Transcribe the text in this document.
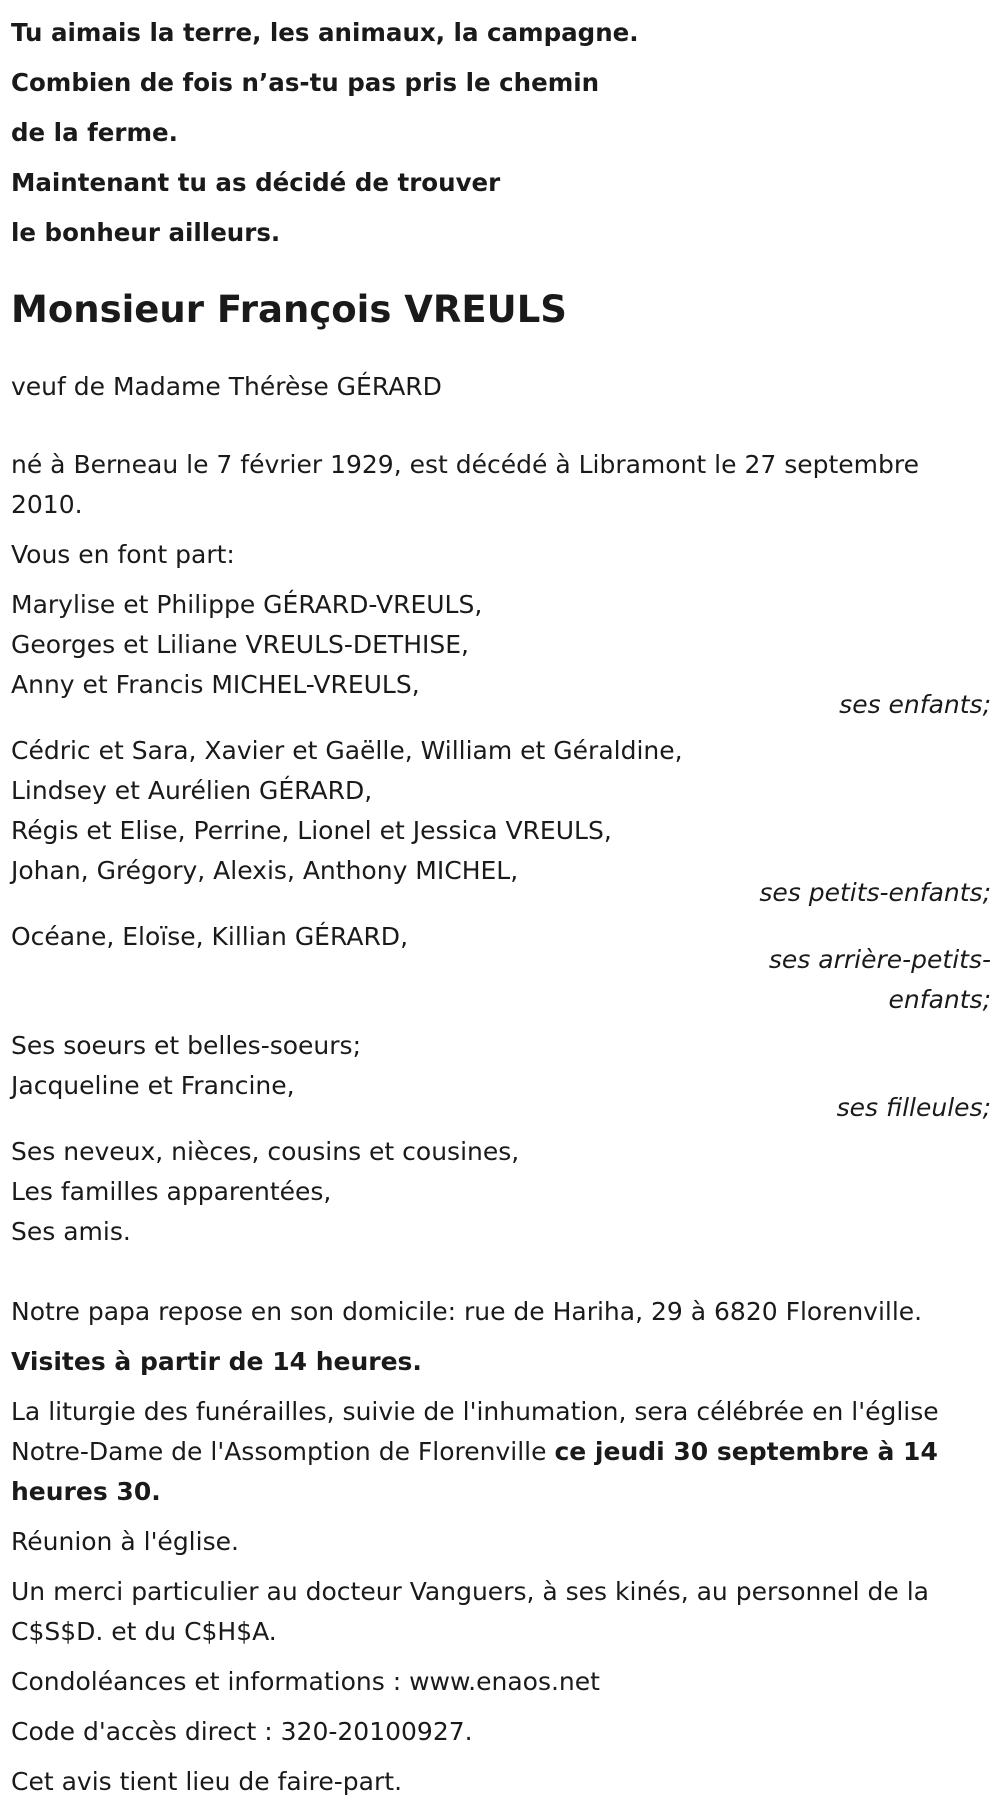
Tu aimais la terre, les animaux, la campagne.

Combien de fois n’as-tu pas pris le chemin

de la ferme.

Maintenant tu as décidé de trouver

le bonheur ailleurs.

Monsieur François VREULS

veuf de Madame Thérèse GÉRARD

né à Berneau le 7 février 1929, est décédé à Libramont le 27 septembre 2010.

Vous en font part:

Marylise et Philippe GÉRARD-VREULS,

Georges et Liliane VREULS-DETHISE,

Anny et Francis MICHEL-VREULS,

ses enfants;

Cédric et Sara, Xavier et Gaëlle, William et Géraldine,

Lindsey et Aurélien GÉRARD,

Régis et Elise, Perrine, Lionel et Jessica VREULS,

Johan, Grégory, Alexis, Anthony MICHEL,

ses petits-enfants;

Océane, Eloïse, Killian GÉRARD,

ses arrière-petits-

enfants;

Ses soeurs et belles-soeurs;

Jacqueline et Francine,

ses filleules;

Ses neveux, nièces, cousins et cousines,

Les familles apparentées,

Ses amis.

Notre papa repose en son domicile: rue de Hariha, 29 à 6820 Florenville.

Visites à partir de 14 heures.

La liturgie des funérailles, suivie de l'inhumation, sera célébrée en l'église Notre-Dame de l'Assomption de Florenville ce jeudi 30 septembre à 14 heures 30.

Réunion à l'église.

Un merci particulier au docteur Vanguers, à ses kinés, au personnel de la C$S$D. et du C$H$A.

Condoléances et informations : www.enaos.net

Code d'accès direct : 320-20100927.

Cet avis tient lieu de faire-part.
